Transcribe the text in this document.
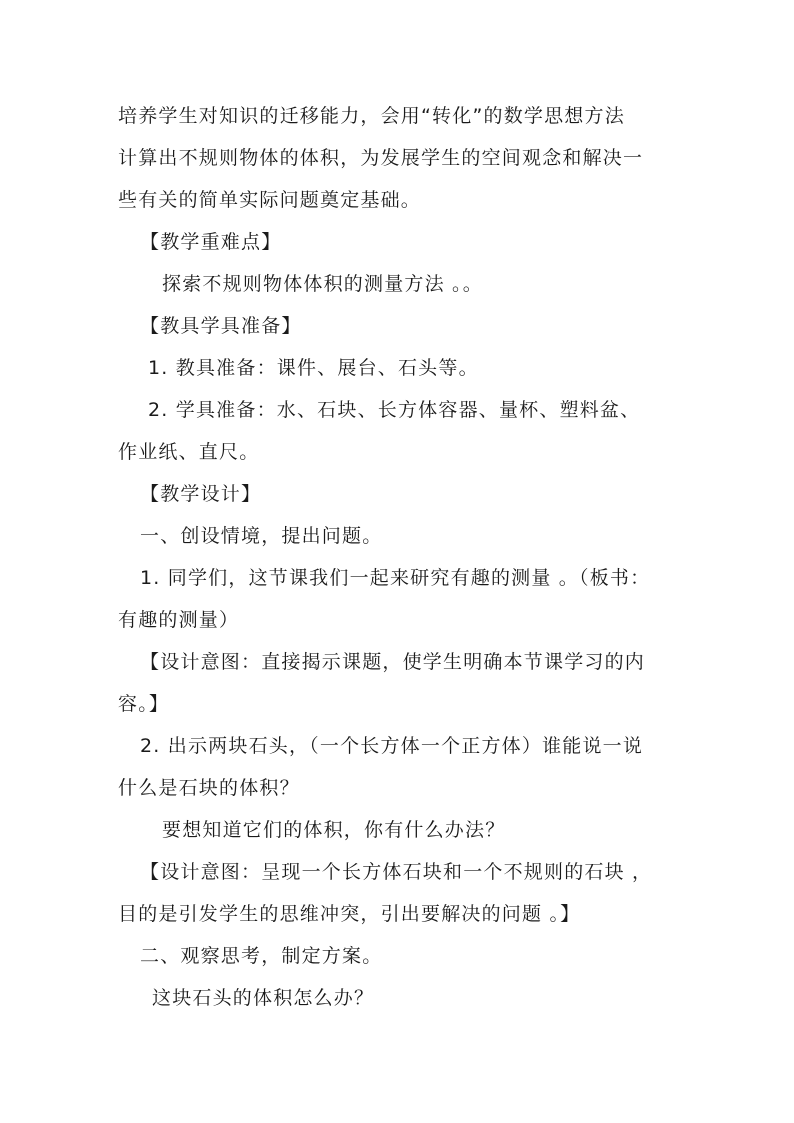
培养学生对知识的迁移能力，会用“转化”的数学思想方法
计算出不规则物体的体积，为发展学生的空间观念和解决一
些有关的简单实际问题奠定基础。
【教学重难点】
探索不规则物体体积的测量方法 。。
【教具学具准备】
1. 教具准备：课件、展台、石头等。
2. 学具准备：水、石块、长方体容器、量杯、塑料盆、
作业纸、直尺。
【教学设计】
一、创设情境，提出问题。
1. 同学们，这节课我们一起来研究有趣的测量 。（板书：
有趣的测量）
【设计意图：直接揭示课题，使学生明确本节课学习的内
容。】
2. 出示两块石头，（一个长方体一个正方体）谁能说一说
什么是石块的体积？
要想知道它们的体积，你有什么办法？
【设计意图：呈现一个长方体石块和一个不规则的石块 ，
目的是引发学生的思维冲突，引出要解决的问题 。】
二、观察思考，制定方案。
这块石头的体积怎么办？
